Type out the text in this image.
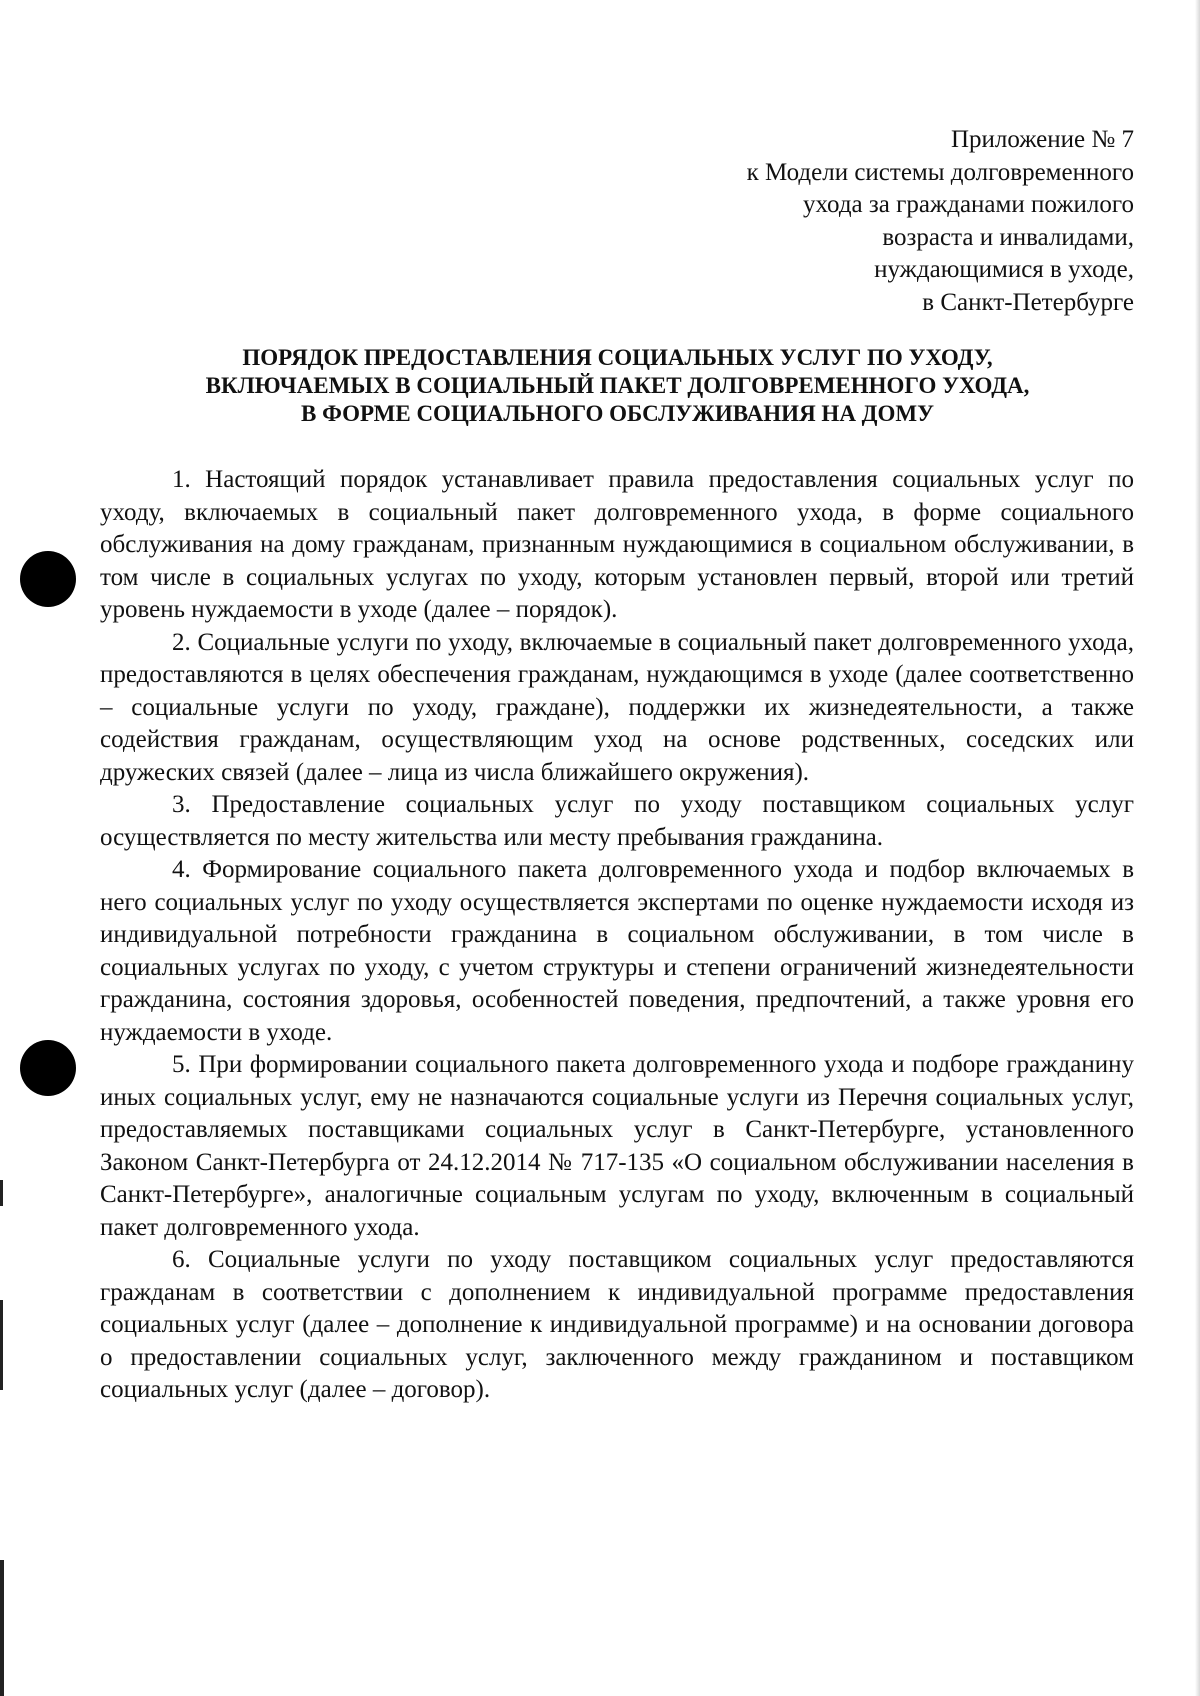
Приложение № 7
к Модели системы долговременного
ухода за гражданами пожилого
возраста и инвалидами,
нуждающимися в уходе,
в Санкт-Петербурге
ПОРЯДОК ПРЕДОСТАВЛЕНИЯ СОЦИАЛЬНЫХ УСЛУГ ПО УХОДУ,
ВКЛЮЧАЕМЫХ В СОЦИАЛЬНЫЙ ПАКЕТ ДОЛГОВРЕМЕННОГО УХОДА,
В ФОРМЕ СОЦИАЛЬНОГО ОБСЛУЖИВАНИЯ НА ДОМУ

1. Настоящий порядок устанавливает правила предоставления социальных услуг по уходу, включаемых в социальный пакет долговременного ухода, в форме социального обслуживания на дому гражданам, признанным нуждающимися в социальном обслуживании, в том числе в социальных услугах по уходу, которым установлен первый, второй или третий уровень нуждаемости в уходе (далее – порядок).

2. Социальные услуги по уходу, включаемые в социальный пакет долговременного ухода, предоставляются в целях обеспечения гражданам, нуждающимся в уходе (далее соответственно – социальные услуги по уходу, граждане), поддержки их жизнедеятельности, а также содействия гражданам, осуществляющим уход на основе родственных, соседских или дружеских связей (далее – лица из числа ближайшего окружения).

3. Предоставление социальных услуг по уходу поставщиком социальных услуг осуществляется по месту жительства или месту пребывания гражданина.

4. Формирование социального пакета долговременного ухода и подбор включаемых в него социальных услуг по уходу осуществляется экспертами по оценке нуждаемости исходя из индивидуальной потребности гражданина в социальном обслуживании, в том числе в социальных услугах по уходу, с учетом структуры и степени ограничений жизнедеятельности гражданина, состояния здоровья, особенностей поведения, предпочтений, а также уровня его нуждаемости в уходе.

5. При формировании социального пакета долговременного ухода и подборе гражданину иных социальных услуг, ему не назначаются социальные услуги из Перечня социальных услуг, предоставляемых поставщиками социальных услуг в Санкт-Петербурге, установленного Законом Санкт-Петербурга от 24.12.2014 № 717-135 «О социальном обслуживании населения в Санкт-Петербурге», аналогичные социальным услугам по уходу, включенным в социальный пакет долговременного ухода.

6. Социальные услуги по уходу поставщиком социальных услуг предоставляются гражданам в соответствии с дополнением к индивидуальной программе предоставления социальных услуг (далее – дополнение к индивидуальной программе) и на основании договора о предоставлении социальных услуг, заключенного между гражданином и поставщиком социальных услуг (далее – договор).
